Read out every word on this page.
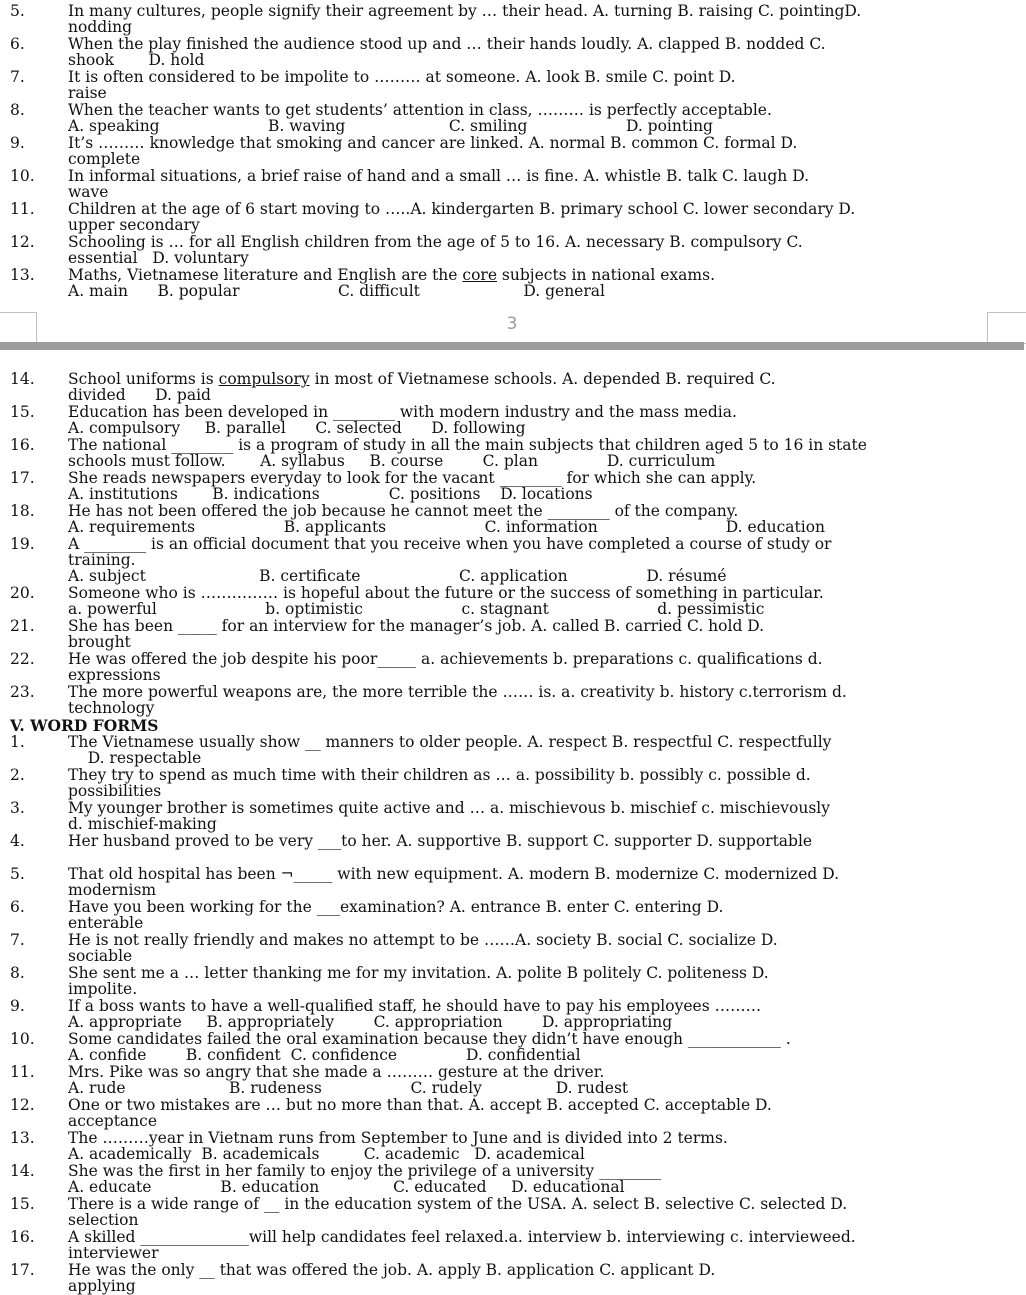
5.	In many cultures, people signify their agreement by … their head. A. turning B. raising C. pointingD.
nodding
6.	When the play finished the audience stood up and … their hands loudly. A. clapped B. nodded C.
shook       D. hold
7.	It is often considered to be impolite to ……… at someone. A. look B. smile C. point D.
raise
8.	When the teacher wants to get students’ attention in class, ……… is perfectly acceptable.
A. speaking                      B. waving                     C. smiling                    D. pointing
9.	It’s ……… knowledge that smoking and cancer are linked. A. normal B. common C. formal D.
complete
10. In informal situations, a brief raise of hand and a small … is fine. A. whistle B. talk C. laugh D.
wave
11. Children at the age of 6 start moving to …..A. kindergarten B. primary school C. lower secondary D.
upper secondary
12. Schooling is … for all English children from the age of 5 to 16. A. necessary B. compulsory C.
essential   D. voluntary
13. Maths, Vietnamese literature and English are the core subjects in national exams.
A. main      B. popular                    C. difficult                     D. general
3
14. School uniforms is compulsory in most of Vietnamese schools. A. depended B. required C.
divided      D. paid
15. Education has been developed in ________ with modern industry and the mass media.
A. compulsory     B. parallel      C. selected      D. following
16. The national ________ is a program of study in all the main subjects that children aged 5 to 16 in state
schools must follow.       A. syllabus     B. course        C. plan              D. curriculum
17. She reads newspapers everyday to look for the vacant ________ for which she can apply.
A. institutions       B. indications              C. positions    D. locations
18. He has not been offered the job because he cannot meet the ________ of the company.
A. requirements                  B. applicants                    C. information                          D. education
19. A ________ is an official document that you receive when you have completed a course of study or
training.
A. subject                       B. certificate                    C. application                D. résumé
20. Someone who is …………… is hopeful about the future or the success of something in particular.
a. powerful                      b. optimistic                    c. stagnant                      d. pessimistic
21. She has been _____ for an interview for the manager’s job. A. called B. carried C. hold D.
brought
22. He was offered the job despite his poor_____ a. achievements b. preparations c. qualifications d.
expressions
23. The more powerful weapons are, the more terrible the …… is. a. creativity b. history c.terrorism d.
technology
V. WORD FORMS
1.	The Vietnamese usually show __ manners to older people. A. respect B. respectful C. respectfully
D. respectable
2.	They try to spend as much time with their children as … a. possibility b. possibly c. possible d.
possibilities
3.	My younger brother is sometimes quite active and … a. mischievous b. mischief c. mischievously
d. mischief-making
4.	Her husband proved to be very ___to her. A. supportive B. support C. supporter D. supportable
5.	That old hospital has been ¬_____ with new equipment. A. modern B. modernize C. modernized D.
modernism
6.	Have you been working for the ___examination? A. entrance B. enter C. entering D.
enterable
7.	He is not really friendly and makes no attempt to be ……A. society B. social C. socialize D.
sociable
8.	She sent me a … letter thanking me for my invitation. A. polite B politely C. politeness D.
impolite.
9.	If a boss wants to have a well-qualified staff, he should have to pay his employees ………
A. appropriate     B. appropriately        C. appropriation        D. appropriating
10. Some candidates failed the oral examination because they didn’t have enough ____________ .
A. confide        B. confident  C. confidence              D. confidential
11. Mrs. Pike was so angry that she made a ……… gesture at the driver.
A. rude                     B. rudeness                  C. rudely               D. rudest
12. One or two mistakes are … but no more than that. A. accept B. accepted C. acceptable D.
acceptance
13. The ………year in Vietnam runs from September to June and is divided into 2 terms.
A. academically  B. academicals         C. academic   D. academical
14. She was the first in her family to enjoy the privilege of a university ________
A. educate              B. education               C. educated     D. educational
15. There is a wide range of __ in the education system of the USA. A. select B. selective C. selected D.
selection
16. A skilled ______________will help candidates feel relaxed.a. interview b. interviewing c. intervieweed.
interviewer
17. He was the only __ that was offered the job. A. apply B. application C. applicant D.
applying
